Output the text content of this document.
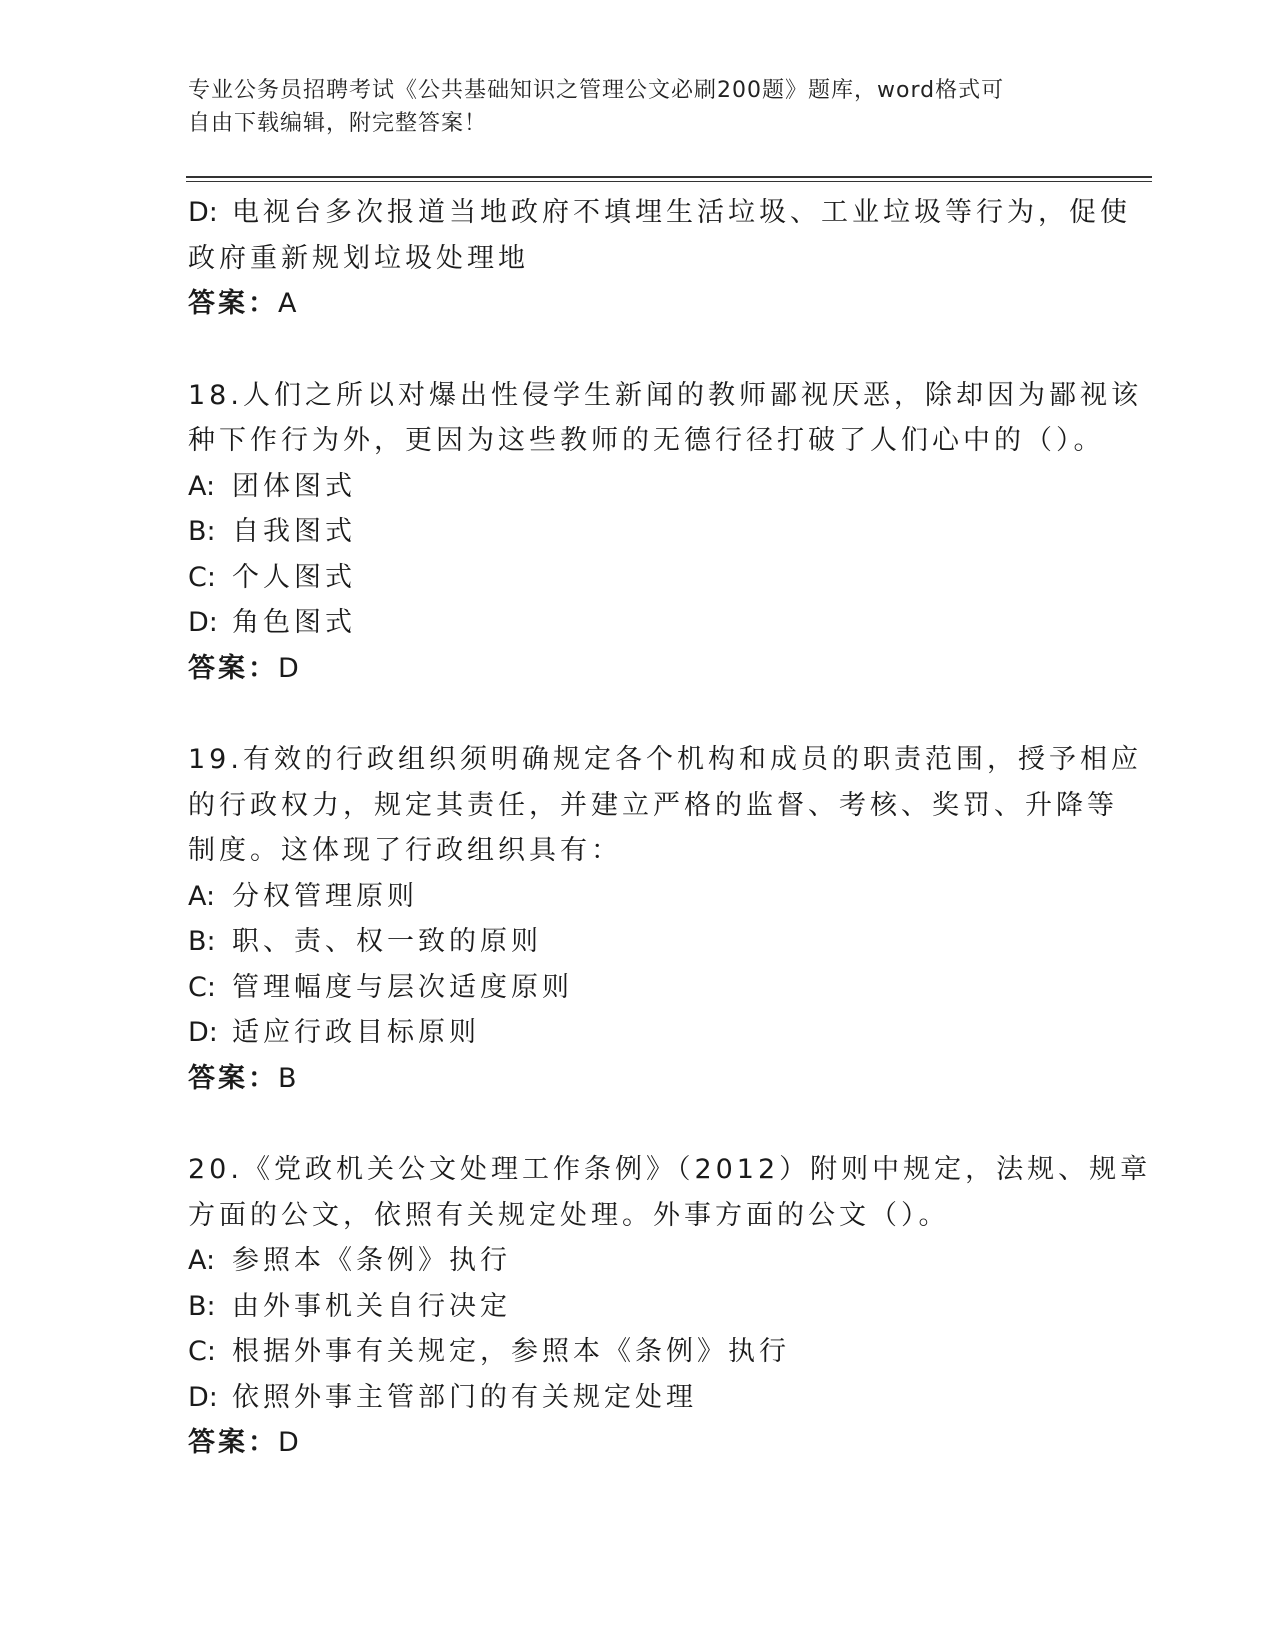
专业公务员招聘考试《公共基础知识之管理公文必刷200题》题库，word格式可
自由下载编辑，附完整答案！
D: 电视台多次报道当地政府不填埋生活垃圾、工业垃圾等行为，促使
政府重新规划垃圾处理地
答案：A
18.人们之所以对爆出性侵学生新闻的教师鄙视厌恶，除却因为鄙视该
种下作行为外，更因为这些教师的无德行径打破了人们心中的（）。
A: 团体图式
B: 自我图式
C: 个人图式
D: 角色图式
答案：D
19.有效的行政组织须明确规定各个机构和成员的职责范围，授予相应
的行政权力，规定其责任，并建立严格的监督、考核、奖罚、升降等
制度。这体现了行政组织具有：
A: 分权管理原则
B: 职、责、权一致的原则
C: 管理幅度与层次适度原则
D: 适应行政目标原则
答案：B
20.《党政机关公文处理工作条例》（2012）附则中规定，法规、规章
方面的公文，依照有关规定处理。外事方面的公文（）。
A: 参照本《条例》执行
B: 由外事机关自行决定
C: 根据外事有关规定，参照本《条例》执行
D: 依照外事主管部门的有关规定处理
答案：D
